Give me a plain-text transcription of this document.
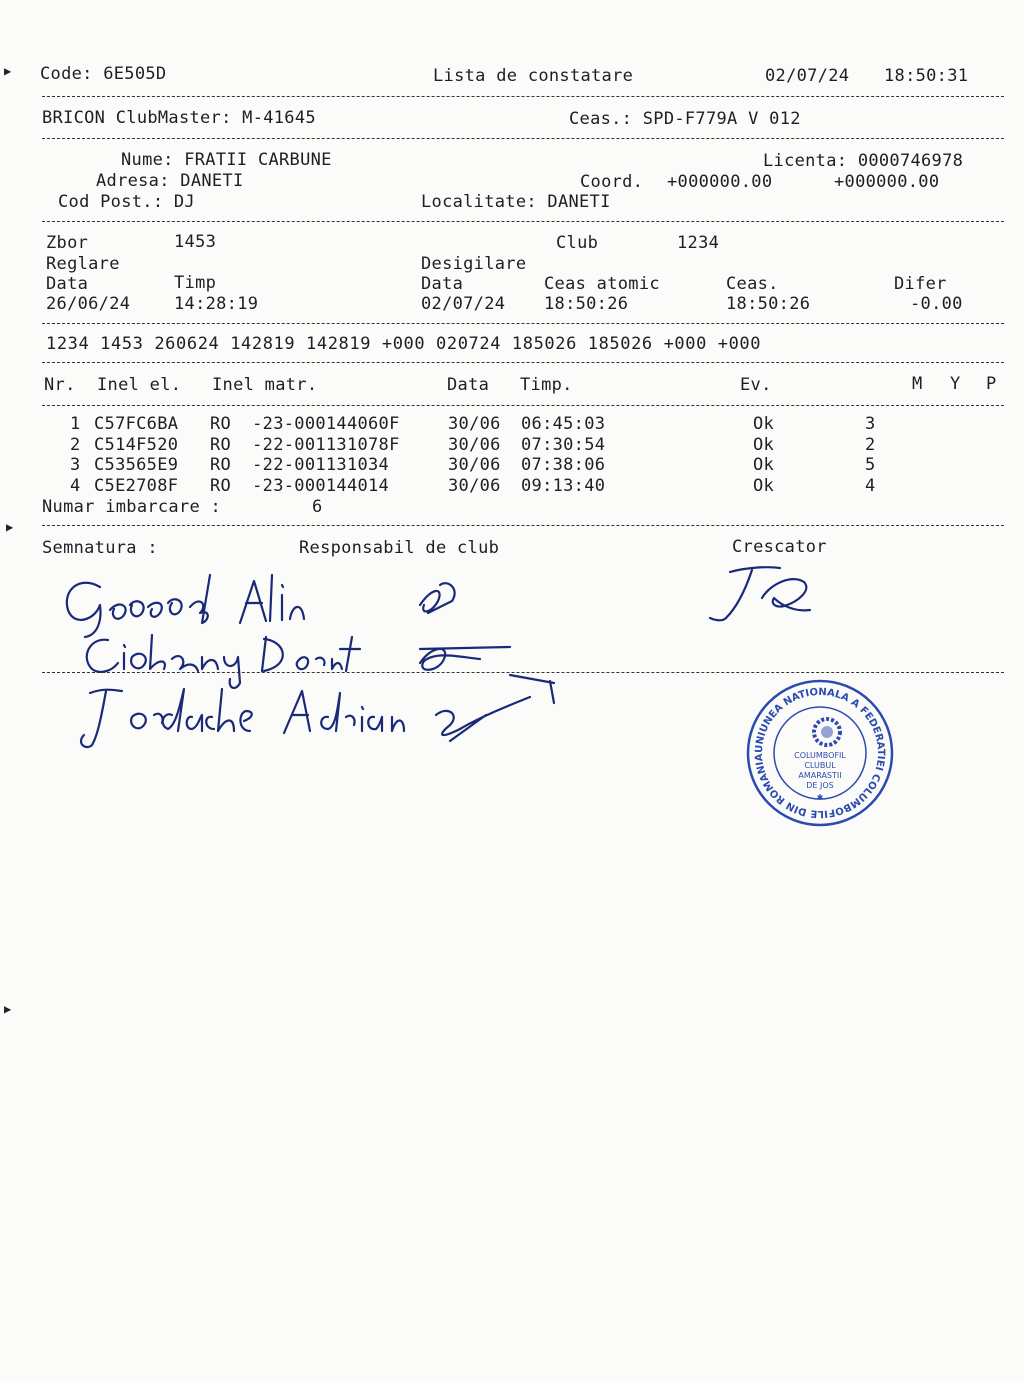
▶
▶
▶
Code: 6E505D	Lista de constatare	02/07/24 18:50:31
BRICON ClubMaster: M-41645	Ceas.: SPD-F779A V 012
Nume: FRATII CARBUNE	Licenta: 0000746978
Adresa: DANETI	Coord. +000000.00	+000000.00
Cod Post.: DJ	Localitate: DANETI
Zbor	1453	Club	1234
Reglare	Desigilare
Data	Timp	Data	Ceas atomic	Ceas.	Difer
26/06/24	14:28:19	02/07/24 18:50:26	18:50:26	-0.00
1234 1453 260624 142819 142819 +000 020724 185026 185026 +000 +000
Nr. Inel el. Inel matr.	Data Timp.	Ev.	M Y P
1 C57FC6BA RO  -23-000144060F	30/06 06:45:03	Ok	3
2 C514F520 RO  -22-001131078F	30/06 07:30:54	Ok	2
3 C53565E9 RO  -22-001131034	30/06 07:38:06	Ok	5
4 C5E2708F RO  -23-000144014	30/06 09:13:40	Ok	4
Numar imbarcare :	6
Semnatura :	Responsabil de club	Crescator
UNIUNEA NATIONALA A FEDERATIEI COLUMBOFILE DIN ROMANIA	COLUMBOFIL
CLUBUL
AMARASTII
DE JOS
✱
